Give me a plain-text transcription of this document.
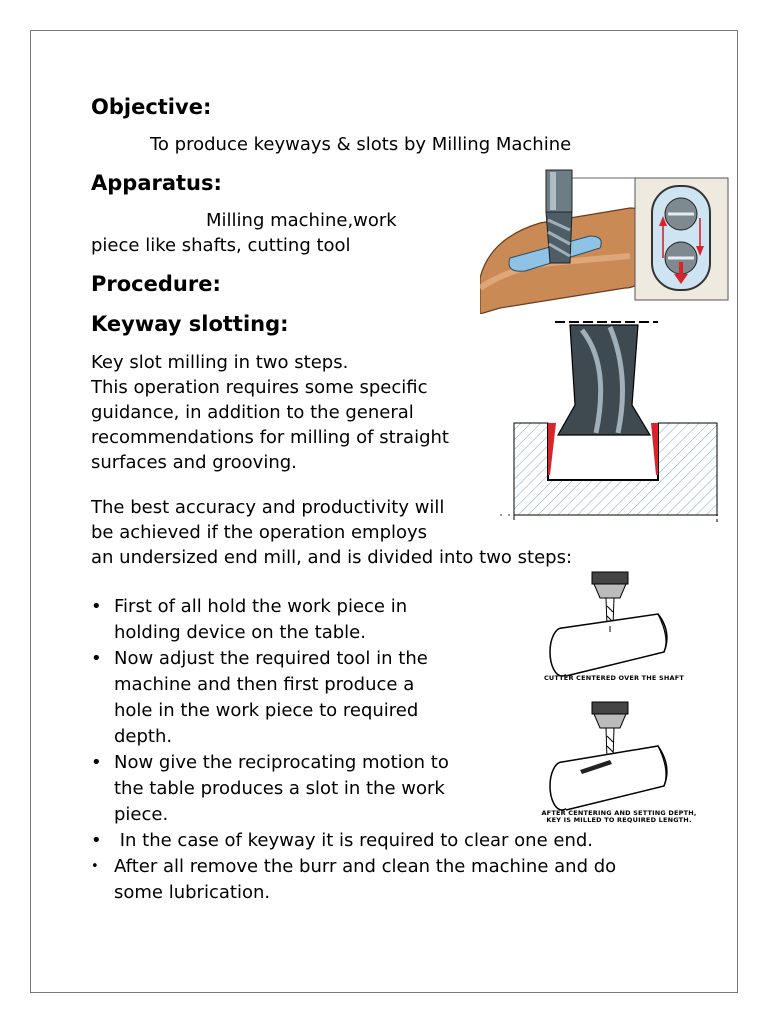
Objective:
To produce keyways & slots by Milling Machine
Apparatus:
Milling machine,work
piece like shafts, cutting tool
Procedure:
Keyway slotting:
Key slot milling in two steps.
This operation requires some specific
guidance, in addition to the general
recommendations for milling of straight
surfaces and grooving.
The best accuracy and productivity will
be achieved if the operation employs
an undersized end mill, and is divided into two steps:
• First of all hold the work piece in
holding device on the table.
• Now adjust the required tool in the
machine and then first produce a
hole in the work piece to required
depth.
• Now give the reciprocating motion to
the table produces a slot in the work
piece.
• In the case of keyway it is required to clear one end.
• After all remove the burr and clean the machine and do
some lubrication.
CUTTER CENTERED OVER THE SHAFT
AFTER CENTERING AND SETTING DEPTH,
KEY IS MILLED TO REQUIRED LENGTH.
